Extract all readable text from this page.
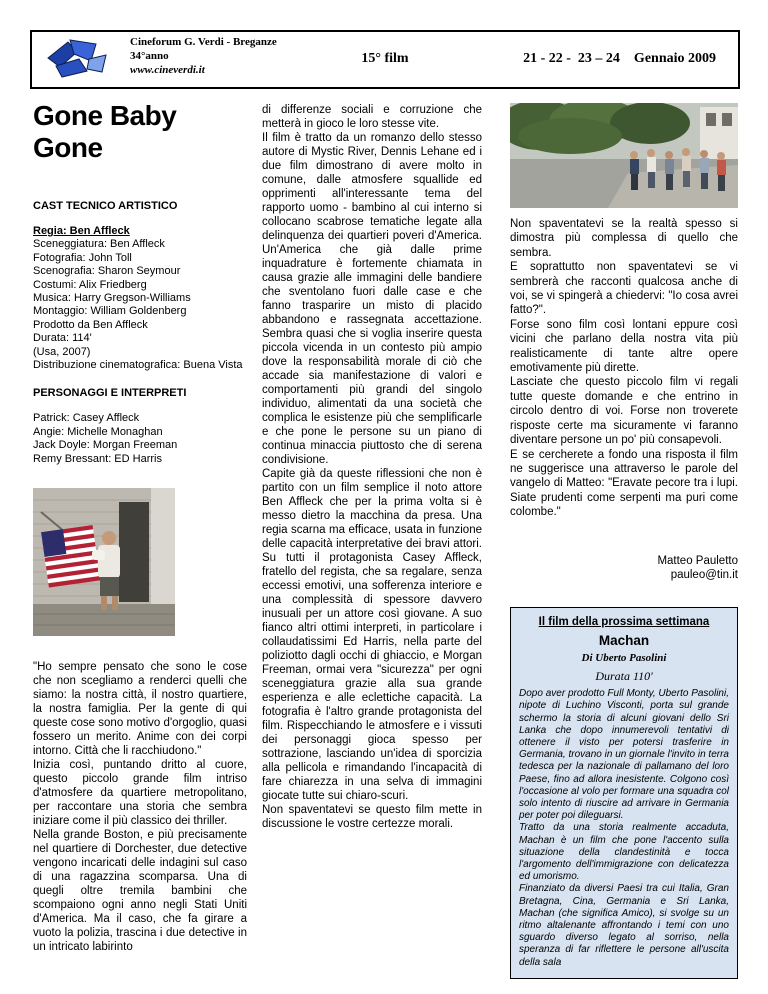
Cineforum G. Verdi - Breganze
34°anno
www.cineverdi.it
15° film	21 - 22 -  23 – 24    Gennaio 2009
Gone Baby Gone
CAST TECNICO ARTISTICO
Regia: Ben Affleck
Sceneggiatura: Ben Affleck
Fotografia: John Toll
Scenografia: Sharon Seymour
Costumi: Alix Friedberg
Musica: Harry Gregson-Williams
Montaggio: William Goldenberg
Prodotto da Ben Affleck
Durata: 114'
(Usa, 2007)
Distribuzione cinematografica: Buena Vista
PERSONAGGI E INTERPRETI
Patrick: Casey Affleck
Angie: Michelle Monaghan
Jack Doyle: Morgan Freeman
Remy Bressant: ED Harris

"Ho sempre pensato che sono le cose che non scegliamo a renderci quelli che siamo: la nostra città, il nostro quartiere, la nostra famiglia. Per la gente di qui queste cose sono motivo d'orgoglio, quasi fossero un merito. Anime con dei corpi intorno. Città che li racchiudono."

Inizia così, puntando dritto al cuore, questo piccolo grande film intriso d'atmosfere da quartiere metropolitano, per raccontare una storia che sembra iniziare come il più classico dei thriller.

Nella grande Boston, e più precisamente nel quartiere di Dorchester, due detective vengono incaricati delle indagini sul caso di una ragazzina scomparsa. Una di quegli oltre tremila bambini che scompaiono ogni anno negli Stati Uniti d'America. Ma il caso, che fa girare a vuoto la polizia, trascina i due detective in un intricato labirinto

di differenze sociali e corruzione che metterà in gioco le loro stesse vite.

Il film è tratto da un romanzo dello stesso autore di Mystic River, Dennis Lehane ed i due film dimostrano di avere molto in comune, dalle atmosfere squallide ed opprimenti all'interessante tema del rapporto uomo - bambino al cui interno si collocano scabrose tematiche legate alla delinquenza dei quartieri poveri d'America. Un'America che già dalle prime inquadrature è fortemente chiamata in causa grazie alle immagini delle bandiere che sventolano fuori dalle case e che fanno trasparire un misto di placido abbandono e rassegnata accettazione. Sembra quasi che si voglia inserire questa piccola vicenda in un contesto più ampio dove la responsabilità morale di ciò che accade sia manifestazione di valori e comportamenti più grandi del singolo individuo, alimentati da una società che complica le esistenze più che semplificarle e che pone le persone su un piano di continua minaccia piuttosto che di serena condivisione.

Capite già da queste riflessioni che non è partito con un film semplice il noto attore Ben Affleck che per la prima volta si è messo dietro la macchina da presa. Una regia scarna ma efficace, usata in funzione delle capacità interpretative dei bravi attori. Su tutti il protagonista Casey Affleck, fratello del regista, che sa regalare, senza eccessi emotivi, una sofferenza interiore e una complessità di spessore davvero inusuali per un attore così giovane. A suo fianco altri ottimi interpreti, in particolare i collaudatissimi Ed Harris, nella parte del poliziotto dagli occhi di ghiaccio, e Morgan Freeman, ormai vera "sicurezza" per ogni sceneggiatura grazie alla sua grande esperienza e alle eclettiche capacità. La fotografia è l'altro grande protagonista del film. Rispecchiando le atmosfere e i vissuti dei personaggi gioca spesso per sottrazione, lasciando un'idea di sporcizia alla pellicola e rimandando l'incapacità di fare chiarezza in una selva di immagini giocate tutte sui chiaro-scuri.

Non spaventatevi se questo film mette in discussione le vostre certezze morali.

Non spaventatevi se la realtà spesso si dimostra più complessa di quello che sembra.

E soprattutto non spaventatevi se vi sembrerà che racconti qualcosa anche di voi, se vi spingerà a chiedervi: "Io cosa avrei fatto?".

Forse sono film così lontani eppure così vicini che parlano della nostra vita più realisticamente di tante altre opere emotivamente più dirette.

Lasciate che questo piccolo film vi regali tutte queste domande e che entrino in circolo dentro di voi. Forse non troverete risposte certe ma sicuramente vi faranno diventare persone un po' più consapevoli.

E se cercherete a fondo una risposta il film ne suggerisce una attraverso le parole del vangelo di Matteo: "Eravate pecore tra i lupi. Siate prudenti come serpenti ma puri come colombe."

Matteo Pauletto
pauleo@tin.it
Il film della prossima settimana
Machan
Di Uberto Pasolini
Durata 110'

Dopo aver prodotto Full Monty, Uberto Pasolini, nipote di Luchino Visconti, porta sul grande schermo la storia di alcuni giovani dello Sri Lanka che dopo innumerevoli tentativi di ottenere il visto per potersi trasferire in Germania, trovano in un giornale l'invito in terra tedesca per la nazionale di pallamano del loro Paese, fino ad allora inesistente. Colgono così l'occasione al volo per formare una squadra col solo intento di riuscire ad arrivare in Germania per poter poi dileguarsi.

Tratto da una storia realmente accaduta, Machan è un film che pone l'accento sulla situazione della clandestinità e tocca l'argomento dell'immigrazione con delicatezza ed umorismo.

Finanziato da diversi Paesi tra cui Italia, Gran Bretagna, Cina, Germania e Sri Lanka, Machan (che significa Amico), si svolge su un ritmo altalenante affrontando i temi con uno sguardo diverso legato al sorriso, nella speranza di far riflettere le persone all'uscita della sala
